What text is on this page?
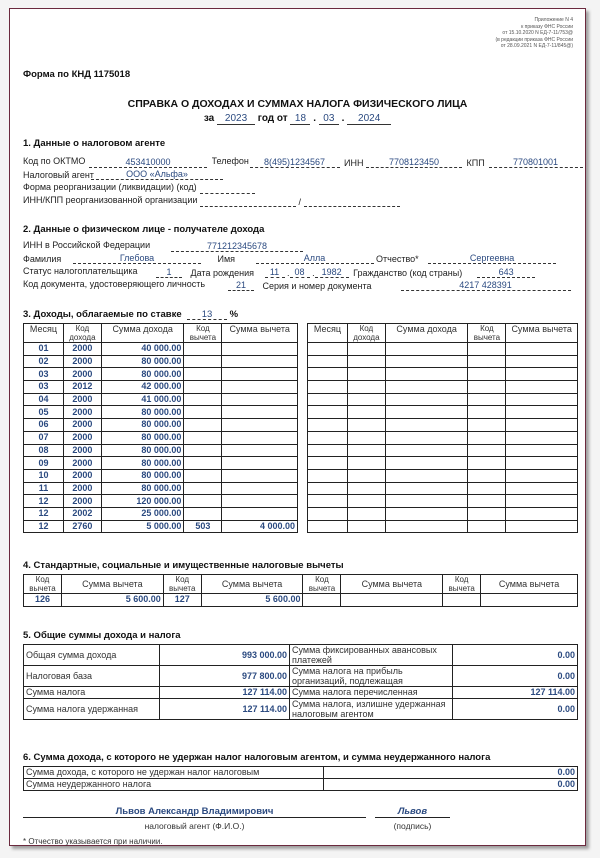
Приложение N 4
к приказу ФНС России
от 15.10.2020 N ЕД-7-11/753@
(в редакции приказа ФНС России
от 28.09.2021 N ЕД-7-11/845@)
Форма по КНД 1175018
СПРАВКА О ДОХОДАХ И СУММАХ НАЛОГА ФИЗИЧЕСКОГО ЛИЦА
за 2023 год от 18 . 03 . 2024
1. Данные о налоговом агенте
Код по ОКТМО	453410000	Телефон 8(495)1234567 ИНН	7708123450	КПП	770801001
Налоговый агент	ООО «Альфа»
Форма реорганизации (ликвидации) (код)
ИНН/КПП реорганизованной организации	/
2. Данные о физическом лице - получателе дохода
ИНН в Российской Федерации	771212345678
Фамилия	Глебова	Имя	Алла	Отчество*	Сергеевна
Статус налогоплательщика	1 Дата рождения 11 . 08 . 1982 Гражданство (код страны)	643
Код документа, удостоверяющего личность	21 Серия и номер документа	4217 428391
3. Доходы, облагаемые по ставке 13 %
Месяц	Код дохода	Сумма дохода	Код вычета	Сумма вычета
01	2000	40 000.00		
02	2000	80 000.00		
03	2000	80 000.00		
03	2012	42 000.00		
04	2000	41 000.00		
05	2000	80 000.00		
06	2000	80 000.00		
07	2000	80 000.00		
08	2000	80 000.00		
09	2000	80 000.00		
10	2000	80 000.00		
11	2000	80 000.00		
12	2000	120 000.00		
12	2002	25 000.00		
12	2760	5 000.00	503	4 000.00
Месяц	Код дохода	Сумма дохода	Код вычета	Сумма вычета

4. Стандартные, социальные и имущественные налоговые вычеты
Код вычета	Сумма вычета	Код вычета	Сумма вычета	Код вычета	Сумма вычета	Код вычета	Сумма вычета
126	5 600.00	127	5 600.00				
5. Общие суммы дохода и налога
Общая сумма дохода	993 000.00	Сумма фиксированных авансовых платежей	0.00
Налоговая база	977 800.00	Сумма налога на прибыль организаций, подлежащая	0.00
Сумма налога	127 114.00	Сумма налога перечисленная	127 114.00
Сумма налога удержанная	127 114.00	Сумма налога, излишне удержанная налоговым агентом	0.00
6. Сумма дохода, с которого не удержан налог налоговым агентом, и сумма неудержанного налога
Сумма дохода, с которого не удержан налог налоговым	0.00
Сумма неудержанного налога	0.00
Львов Александр Владимирович
налоговый агент (Ф.И.О.)
Львов
(подпись)
* Отчество указывается при наличии.
